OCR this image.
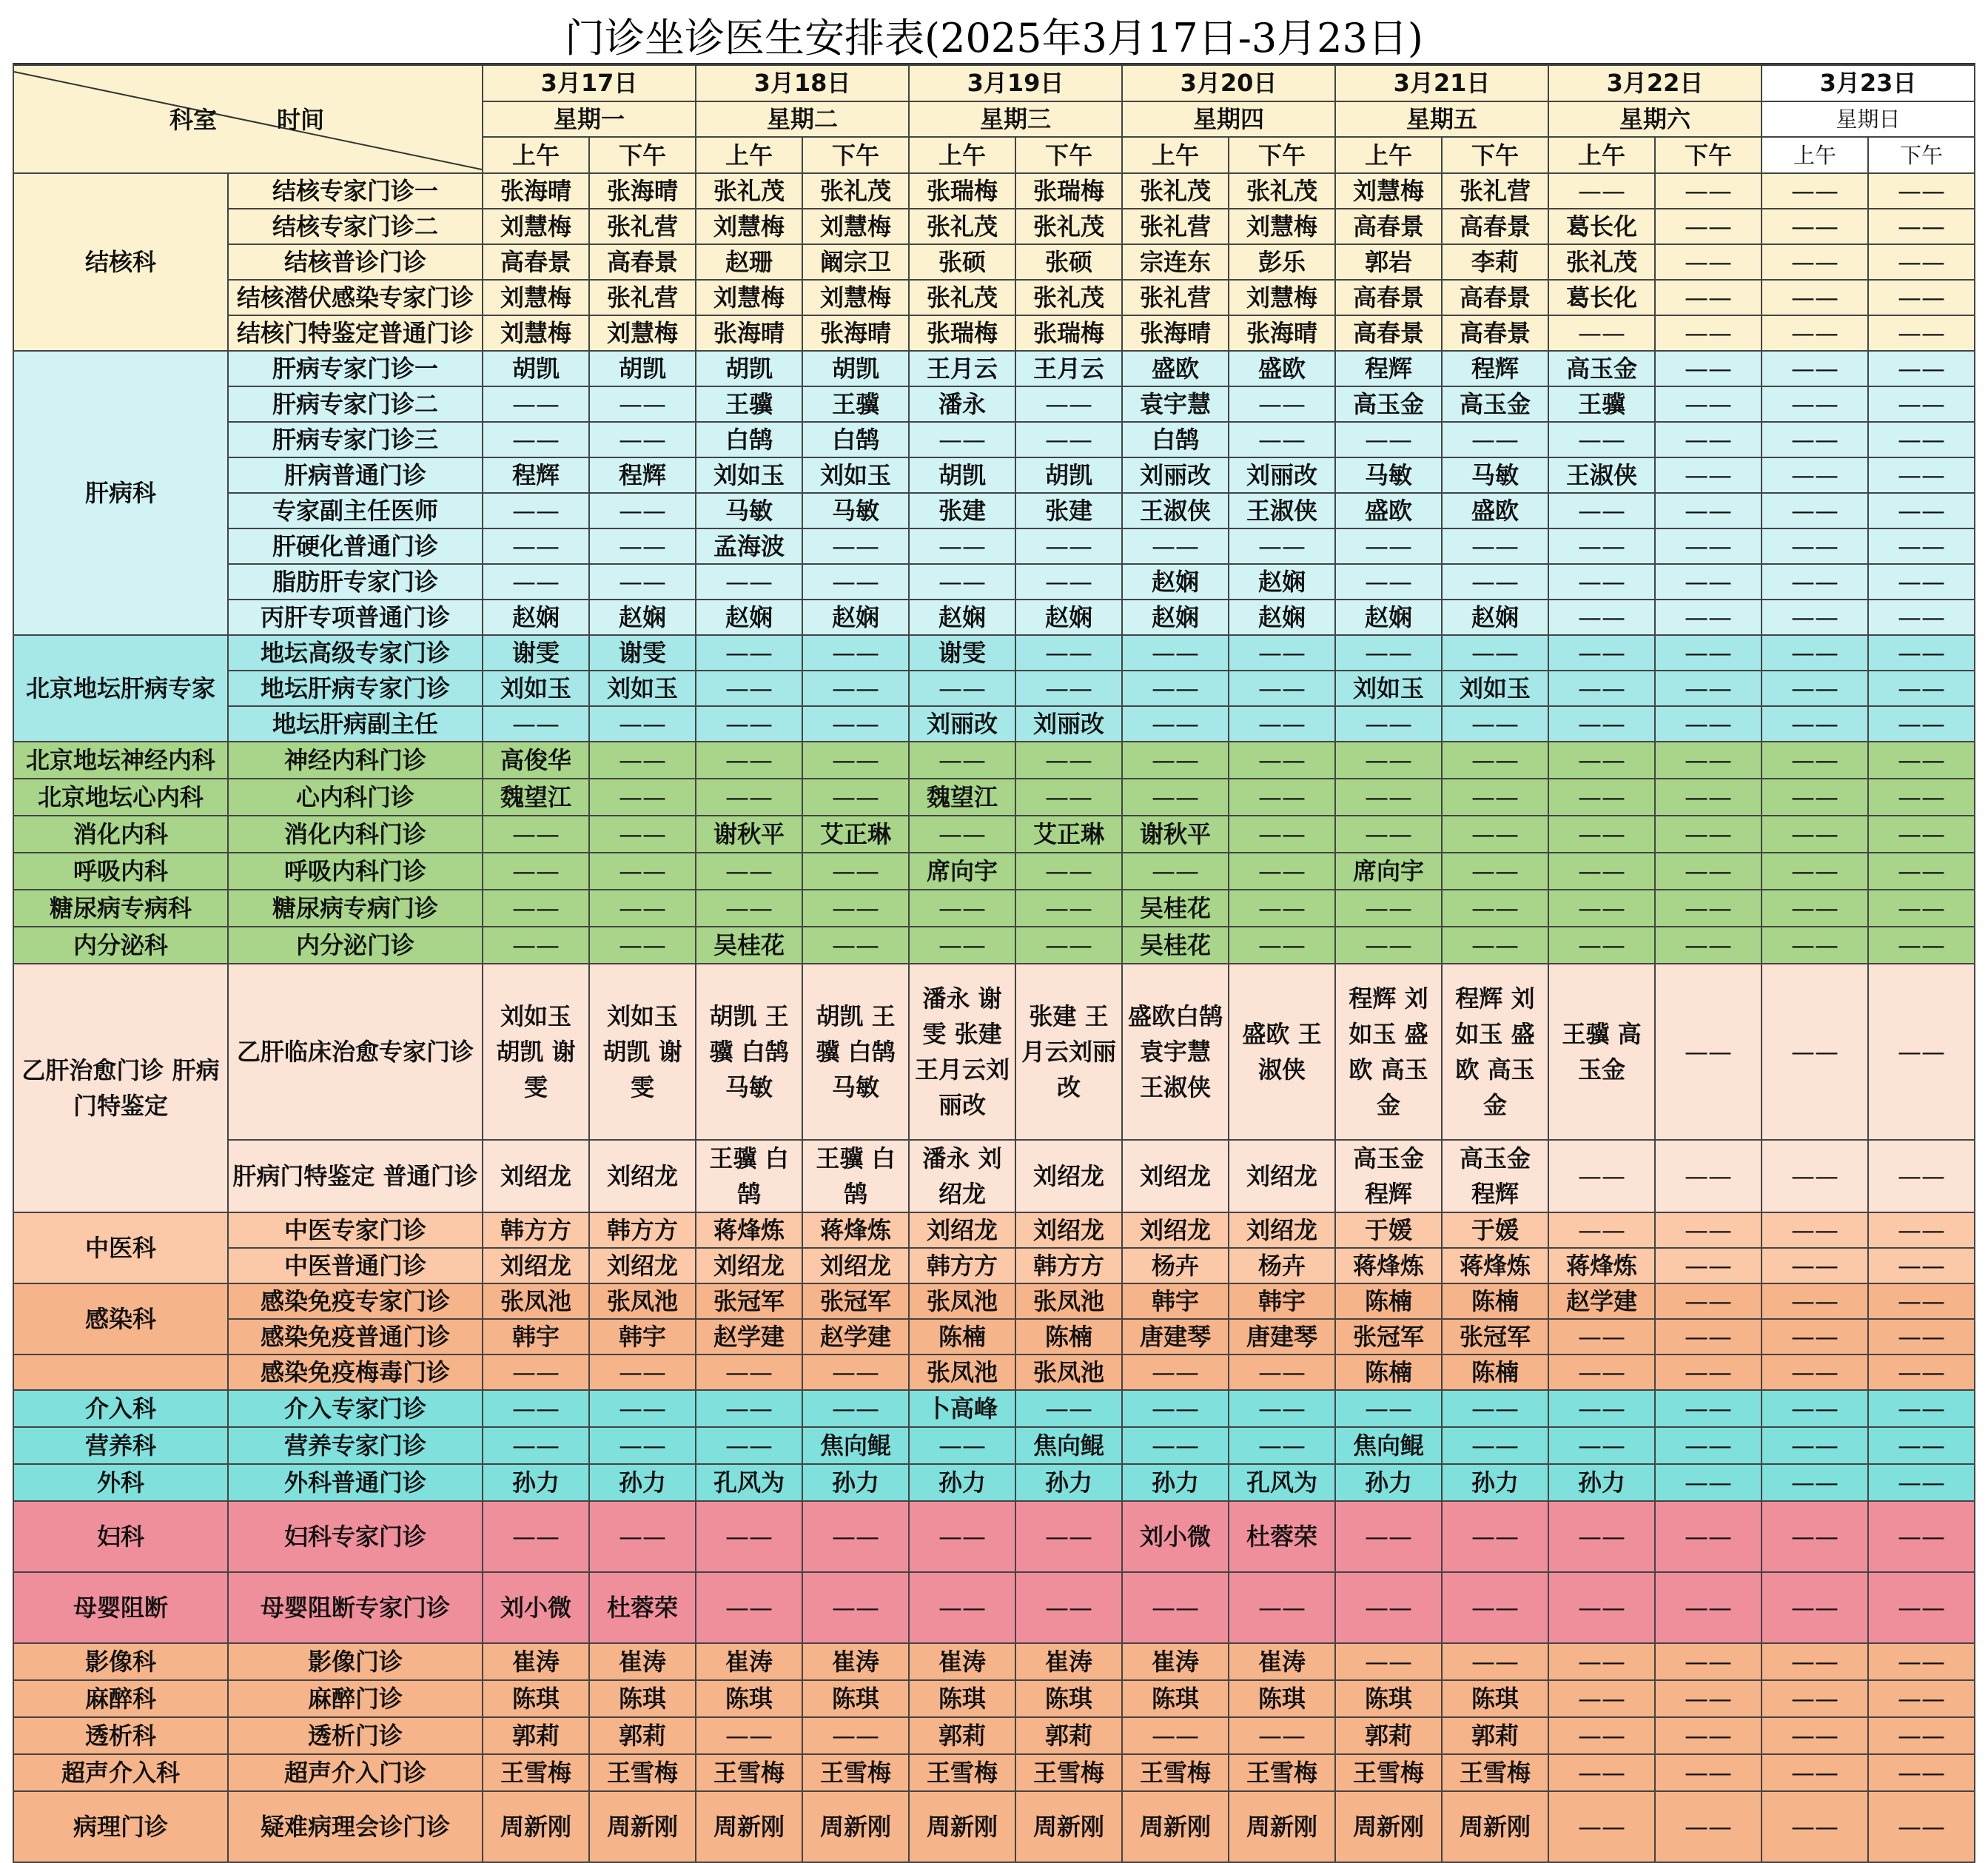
门诊坐诊医生安排表(2025年3月17日-3月23日)
科室 时间		3月17日		3月18日		3月19日		3月20日		3月21日		3月22日		3月23日	
		星期一		星期二		星期三		星期四		星期五		星期六		星期日	
		上午	下午	上午	下午	上午	下午	上午	下午	上午	下午	上午	下午	上午	下午
结核科	结核专家门诊一	张海晴	张海晴	张礼茂	张礼茂	张瑞梅	张瑞梅	张礼茂	张礼茂	刘慧梅	张礼营	——	——	——	——
	结核专家门诊二	刘慧梅	张礼营	刘慧梅	刘慧梅	张礼茂	张礼茂	张礼营	刘慧梅	高春景	高春景	葛长化	——	——	——
	结核普诊门诊	高春景	高春景	赵珊	阚宗卫	张硕	张硕	宗连东	彭乐	郭岩	李莉	张礼茂	——	——	——
	结核潜伏感染专家门诊	刘慧梅	张礼营	刘慧梅	刘慧梅	张礼茂	张礼茂	张礼营	刘慧梅	高春景	高春景	葛长化	——	——	——
	结核门特鉴定普通门诊	刘慧梅	刘慧梅	张海晴	张海晴	张瑞梅	张瑞梅	张海晴	张海晴	高春景	高春景	——	——	——	——
肝病科	肝病专家门诊一	胡凯	胡凯	胡凯	胡凯	王月云	王月云	盛欧	盛欧	程辉	程辉	高玉金	——	——	——
	肝病专家门诊二	——	——	王骥	王骥	潘永	——	袁宇慧	——	高玉金	高玉金	王骥	——	——	——
	肝病专家门诊三	——	——	白鹄	白鹄	——	——	白鹄	——	——	——	——	——	——	——
	肝病普通门诊	程辉	程辉	刘如玉	刘如玉	胡凯	胡凯	刘丽改	刘丽改	马敏	马敏	王淑侠	——	——	——
	专家副主任医师	——	——	马敏	马敏	张建	张建	王淑侠	王淑侠	盛欧	盛欧	——	——	——	——
	肝硬化普通门诊	——	——	孟海波	——	——	——	——	——	——	——	——	——	——	——
	脂肪肝专家门诊	——	——	——	——	——	——	赵娴	赵娴	——	——	——	——	——	——
	丙肝专项普通门诊	赵娴	赵娴	赵娴	赵娴	赵娴	赵娴	赵娴	赵娴	赵娴	赵娴	——	——	——	——
北京地坛肝病专家	地坛高级专家门诊	谢雯	谢雯	——	——	谢雯	——	——	——	——	——	——	——	——	——
	地坛肝病专家门诊	刘如玉	刘如玉	——	——	——	——	——	——	刘如玉	刘如玉	——	——	——	——
	地坛肝病副主任	——	——	——	——	刘丽改	刘丽改	——	——	——	——	——	——	——	——
北京地坛神经内科	神经内科门诊	高俊华	——	——	——	——	——	——	——	——	——	——	——	——	——
北京地坛心内科	心内科门诊	魏望江	——	——	——	魏望江	——	——	——	——	——	——	——	——	——
消化内科	消化内科门诊	——	——	谢秋平	艾正琳	——	艾正琳	谢秋平	——	——	——	——	——	——	——
呼吸内科	呼吸内科门诊	——	——	——	——	席向宇	——	——	——	席向宇	——	——	——	——	——
糖尿病专病科	糖尿病专病门诊	——	——	——	——	——	——	吴桂花	——	——	——	——	——	——	——
内分泌科	内分泌门诊	——	——	吴桂花	——	——	——	吴桂花	——	——	——	——	——	——	——
乙肝治愈门诊 肝病门特鉴定	乙肝临床治愈专家门诊	刘如玉 胡凯 谢雯	刘如玉 胡凯 谢雯	胡凯 王骥 白鹄 马敏	胡凯 王骥 白鹄 马敏	潘永 谢雯 张建 王月云刘丽改	张建 王月云刘丽改	盛欧白鹄 袁宇慧 王淑侠	盛欧 王淑侠	程辉 刘如玉 盛欧 高玉金	程辉 刘如玉 盛欧 高玉金	王骥 高玉金	——	——	——
	肝病门特鉴定 普通门诊	刘绍龙	刘绍龙	王骥 白鹄	王骥 白鹄	潘永 刘绍龙	刘绍龙	刘绍龙	刘绍龙	高玉金 程辉	高玉金 程辉	——	——	——	——
中医科	中医专家门诊	韩方方	韩方方	蒋烽炼	蒋烽炼	刘绍龙	刘绍龙	刘绍龙	刘绍龙	于媛	于媛	——	——	——	——
	中医普通门诊	刘绍龙	刘绍龙	刘绍龙	刘绍龙	韩方方	韩方方	杨卉	杨卉	蒋烽炼	蒋烽炼	蒋烽炼	——	——	——
感染科	感染免疫专家门诊	张凤池	张凤池	张冠军	张冠军	张凤池	张凤池	韩宇	韩宇	陈楠	陈楠	赵学建	——	——	——
	感染免疫普通门诊	韩宇	韩宇	赵学建	赵学建	陈楠	陈楠	唐建琴	唐建琴	张冠军	张冠军	——	——	——	——
	感染免疫梅毒门诊	——	——	——	——	张凤池	张凤池	——	——	陈楠	陈楠	——	——	——	——
介入科	介入专家门诊	——	——	——	——	卜高峰	——	——	——	——	——	——	——	——	——
营养科	营养专家门诊	——	——	——	焦向鲲	——	焦向鲲	——	——	焦向鲲	——	——	——	——	——
外科	外科普通门诊	孙力	孙力	孔风为	孙力	孙力	孙力	孙力	孔风为	孙力	孙力	孙力	——	——	——
妇科	妇科专家门诊	——	——	——	——	——	——	刘小微	杜蓉荣	——	——	——	——	——	——
母婴阻断	母婴阻断专家门诊	刘小微	杜蓉荣	——	——	——	——	——	——	——	——	——	——	——	——
影像科	影像门诊	崔涛	崔涛	崔涛	崔涛	崔涛	崔涛	崔涛	崔涛	——	——	——	——	——	——
麻醉科	麻醉门诊	陈琪	陈琪	陈琪	陈琪	陈琪	陈琪	陈琪	陈琪	陈琪	陈琪	——	——	——	——
透析科	透析门诊	郭莉	郭莉	——	——	郭莉	郭莉	——	——	郭莉	郭莉	——	——	——	——
超声介入科	超声介入门诊	王雪梅	王雪梅	王雪梅	王雪梅	王雪梅	王雪梅	王雪梅	王雪梅	王雪梅	王雪梅	——	——	——	——
病理门诊	疑难病理会诊门诊	周新刚	周新刚	周新刚	周新刚	周新刚	周新刚	周新刚	周新刚	周新刚	周新刚	——	——	——	——
